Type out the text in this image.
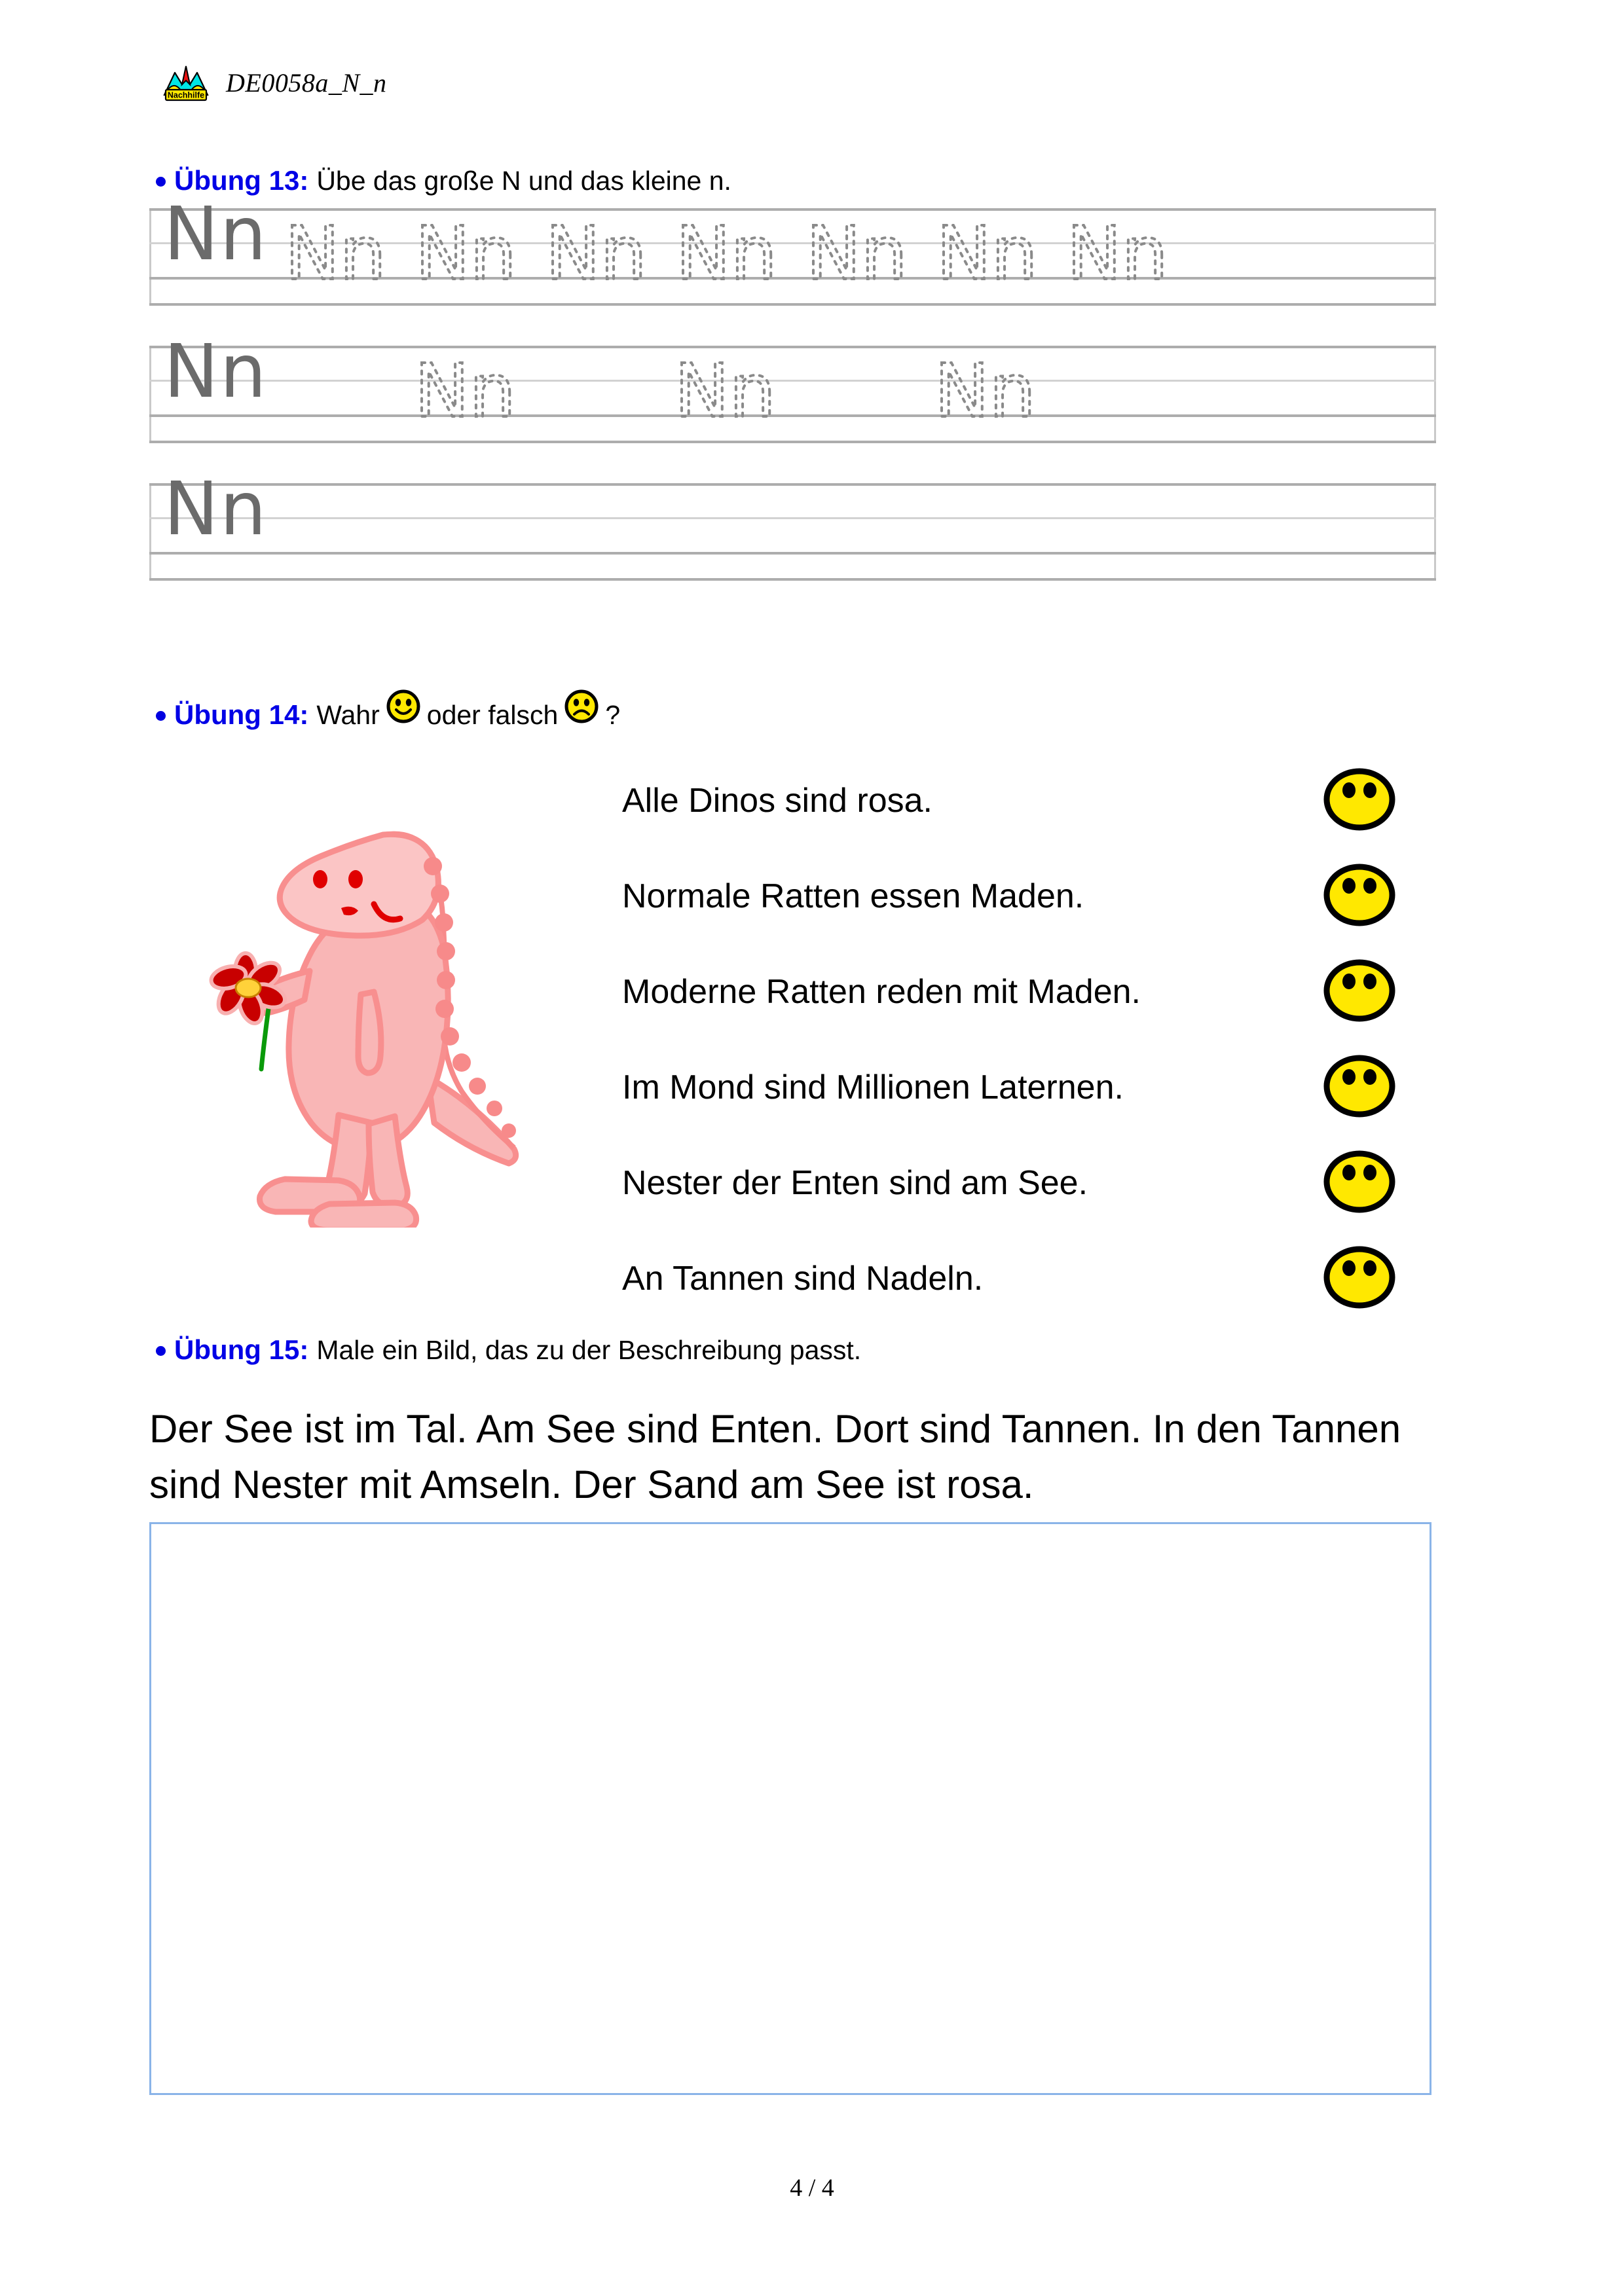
Nachhilfe DE0058a_N_n
Übung 13: Übe das große N und das kleine n.
Nn Nn Nn Nn Nn Nn Nn Nn
Nn Nn Nn Nn
Nn
Übung 14: Wahr oder falsch ?
Alle Dinos sind rosa.
Normale Ratten essen Maden.
Moderne Ratten reden mit Maden.
Im Mond sind Millionen Laternen.
Nester der Enten sind am See.
An Tannen sind Nadeln.
Übung 15: Male ein Bild, das zu der Beschreibung passt.
Der See ist im Tal. Am See sind Enten. Dort sind Tannen. In den Tannen sind Nester mit Amseln. Der Sand am See ist rosa.
4 / 4
